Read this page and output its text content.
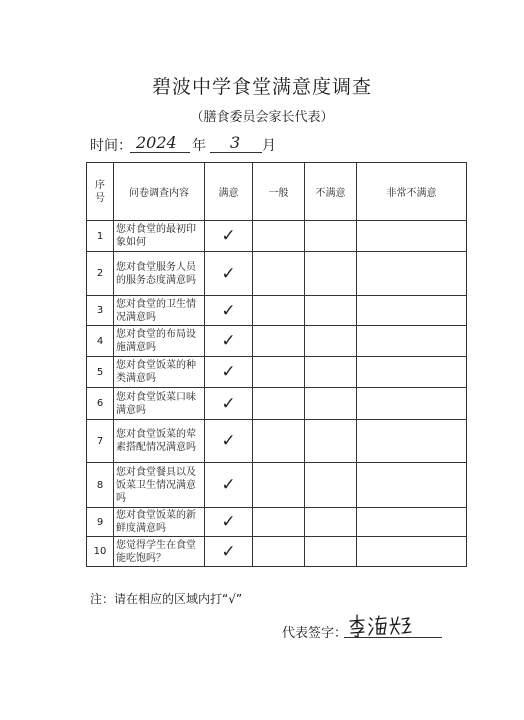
碧波中学食堂满意度调查
（膳食委员会家长代表）
时间： 2024 年 3 月
序号	问卷调查内容	满意	一般	不满意	非常不满意
1	您对食堂的最初印象如何	✓			
2	您对食堂服务人员的服务态度满意吗	✓			
3	您对食堂的卫生情况满意吗	✓			
4	您对食堂的布局设施满意吗	✓			
5	您对食堂饭菜的种类满意吗	✓			
6	您对食堂饭菜口味满意吗	✓			
7	您对食堂饭菜的荤素搭配情况满意吗	✓			
8	您对食堂餐具以及饭菜卫生情况满意吗	✓			
9	您对食堂饭菜的新鲜度满意吗	✓			
10	您觉得学生在食堂能吃饱吗？	✓			
注：请在相应的区域内打“√”
代表签字：
